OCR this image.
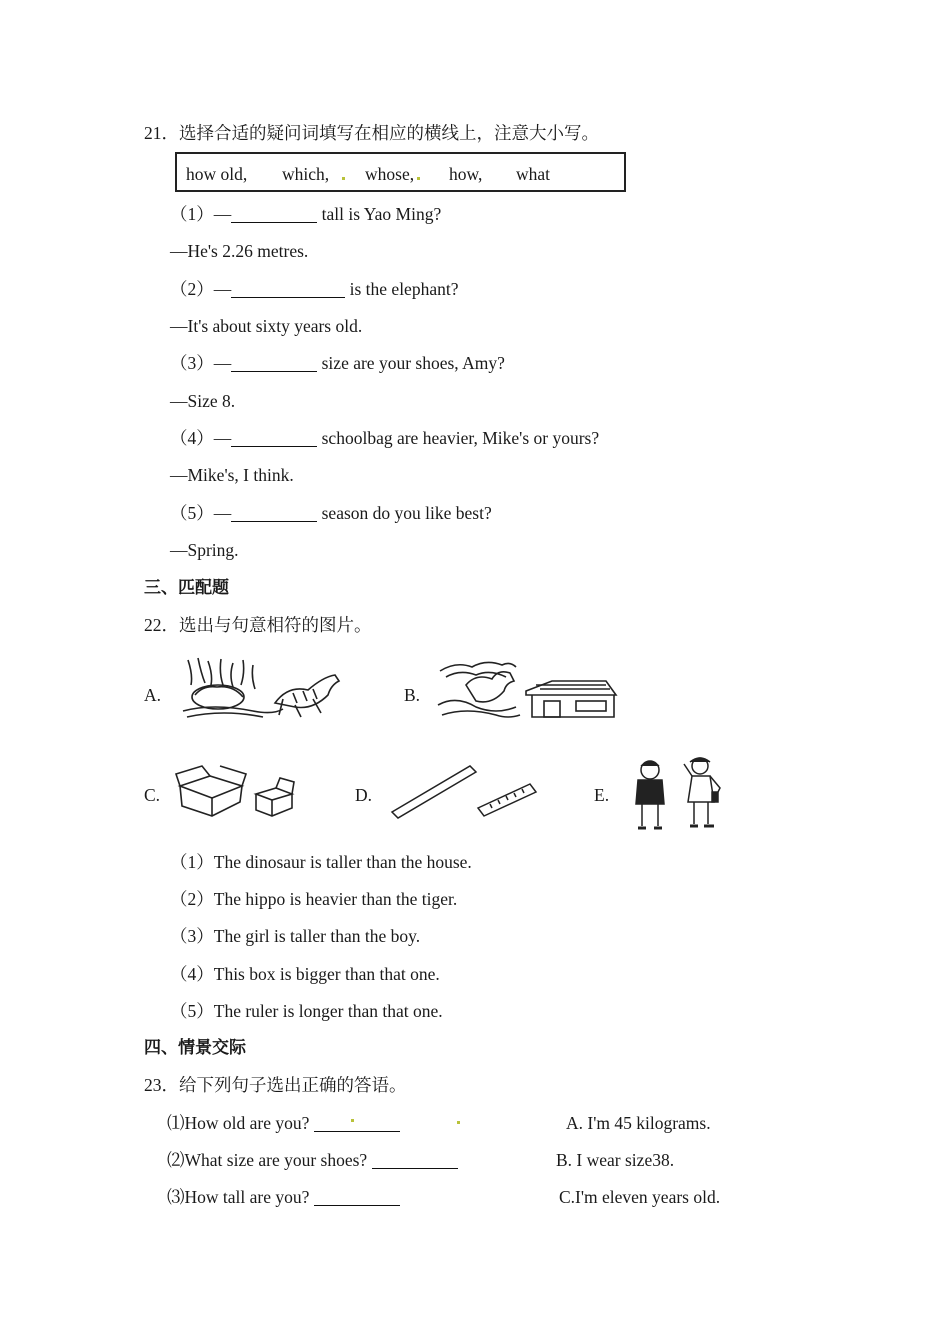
21．选择合适的疑问词填写在相应的横线上，注意大小写。
how old, which, whose, how, what
（1）—	tall is Yao Ming?
—He's 2.26 metres.
（2）—	is the elephant?
—It's about sixty years old.
（3）—	size are your shoes, Amy?
—Size 8.
（4）—	schoolbag are heavier, Mike's or yours?
—Mike's, I think.
（5）—	season do you like best?
—Spring.
三、匹配题
22．选出与句意相符的图片。
A.	B.
C.	D.	E.
（1）The dinosaur is taller than the house.
（2）The hippo is heavier than the tiger.
（3）The girl is taller than the boy.
（4）This box is bigger than that one.
（5）The ruler is longer than that one.
四、情景交际
23．给下列句子选出正确的答语。
⑴How old are you?	A. I'm 45 kilograms.
⑵What size are your shoes?	B. I wear size38.
⑶How tall are you?	C.I'm eleven years old.
